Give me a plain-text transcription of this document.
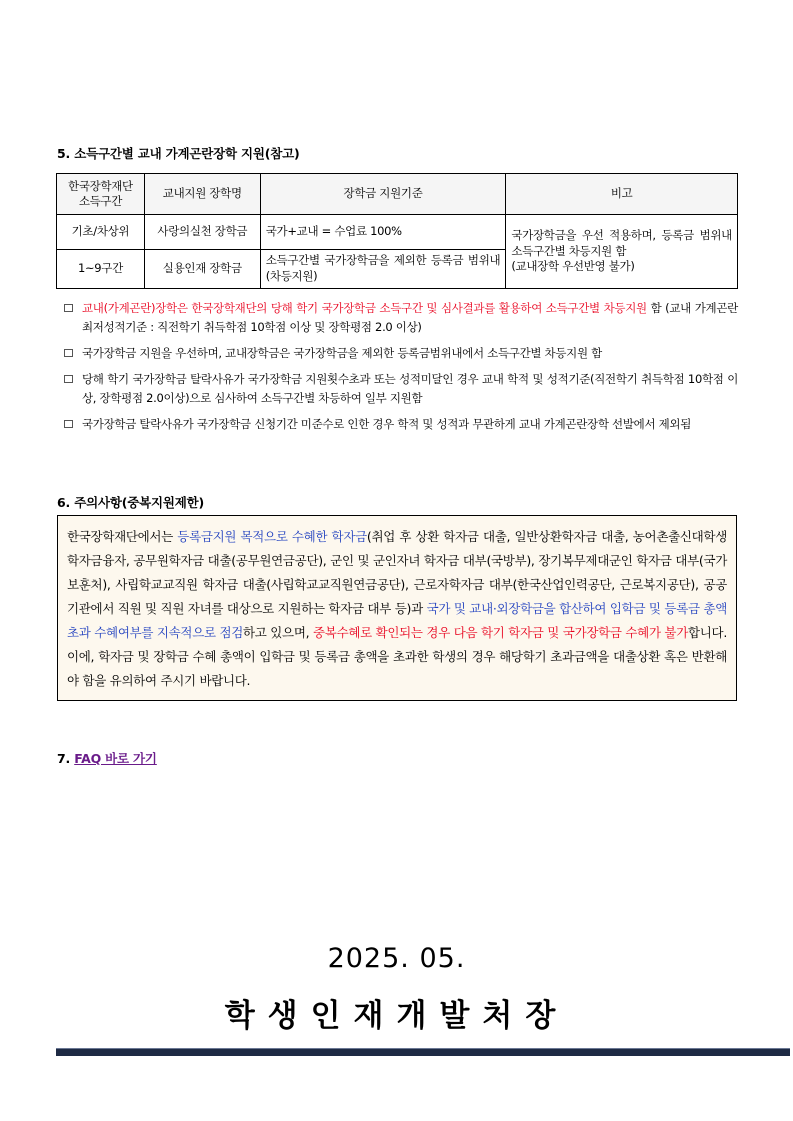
5. 소득구간별 교내 가계곤란장학 지원(참고)
한국장학재단
소득구간	교내지원 장학명	장학금 지원기준	비고
기초/차상위	사랑의실천 장학금	국가+교내 = 수업료 100%	국가장학금을 우선 적용하며, 등록금 범위내 소득구간별 차등지원 함
(교내장학 우선반영 불가)
1~9구간	실용인재 장학금	소득구간별 국가장학금을 제외한 등록금 범위내(차등지원)	
교내(가계곤란)장학은 한국장학재단의 당해 학기 국가장학금 소득구간 및 심사결과를 활용하여 소득구간별 차등지원 함 (교내 가계곤란 최저성적기준 : 직전학기 취득학점 10학점 이상 및 장학평점 2.0 이상)
국가장학금 지원을 우선하며, 교내장학금은 국가장학금을 제외한 등록금범위내에서 소득구간별 차등지원 함
당해 학기 국가장학금 탈락사유가 국가장학금 지원횟수초과 또는 성적미달인 경우 교내 학적 및 성적기준(직전학기 취득학점 10학점 이상, 장학평점 2.0이상)으로 심사하여 소득구간별 차등하여 일부 지원함
국가장학금 탈락사유가 국가장학금 신청기간 미준수로 인한 경우 학적 및 성적과 무관하게 교내 가계곤란장학 선발에서 제외됨
6. 주의사항(중복지원제한)
한국장학재단에서는 등록금지원 목적으로 수혜한 학자금(취업 후 상환 학자금 대출, 일반상환학자금 대출, 농어촌출신대학생학자금융자, 공무원학자금 대출(공무원연금공단), 군인 및 군인자녀 학자금 대부(국방부), 장기복무제대군인 학자금 대부(국가보훈처), 사립학교교직원 학자금 대출(사립학교교직원연금공단), 근로자학자금 대부(한국산업인력공단, 근로복지공단), 공공기관에서 직원 및 직원 자녀를 대상으로 지원하는 학자금 대부 등)과 국가 및 교내·외장학금을 합산하여 입학금 및 등록금 총액 초과 수혜여부를 지속적으로 점검하고 있으며, 중복수혜로 확인되는 경우 다음 학기 학자금 및 국가장학금 수혜가 불가합니다. 이에, 학자금 및 장학금 수혜 총액이 입학금 및 등록금 총액을 초과한 학생의 경우 해당학기 초과금액을 대출상환 혹은 반환해야 함을 유의하여 주시기 바랍니다.
7. FAQ 바로 가기
2025. 05.
학생인재개발처장
